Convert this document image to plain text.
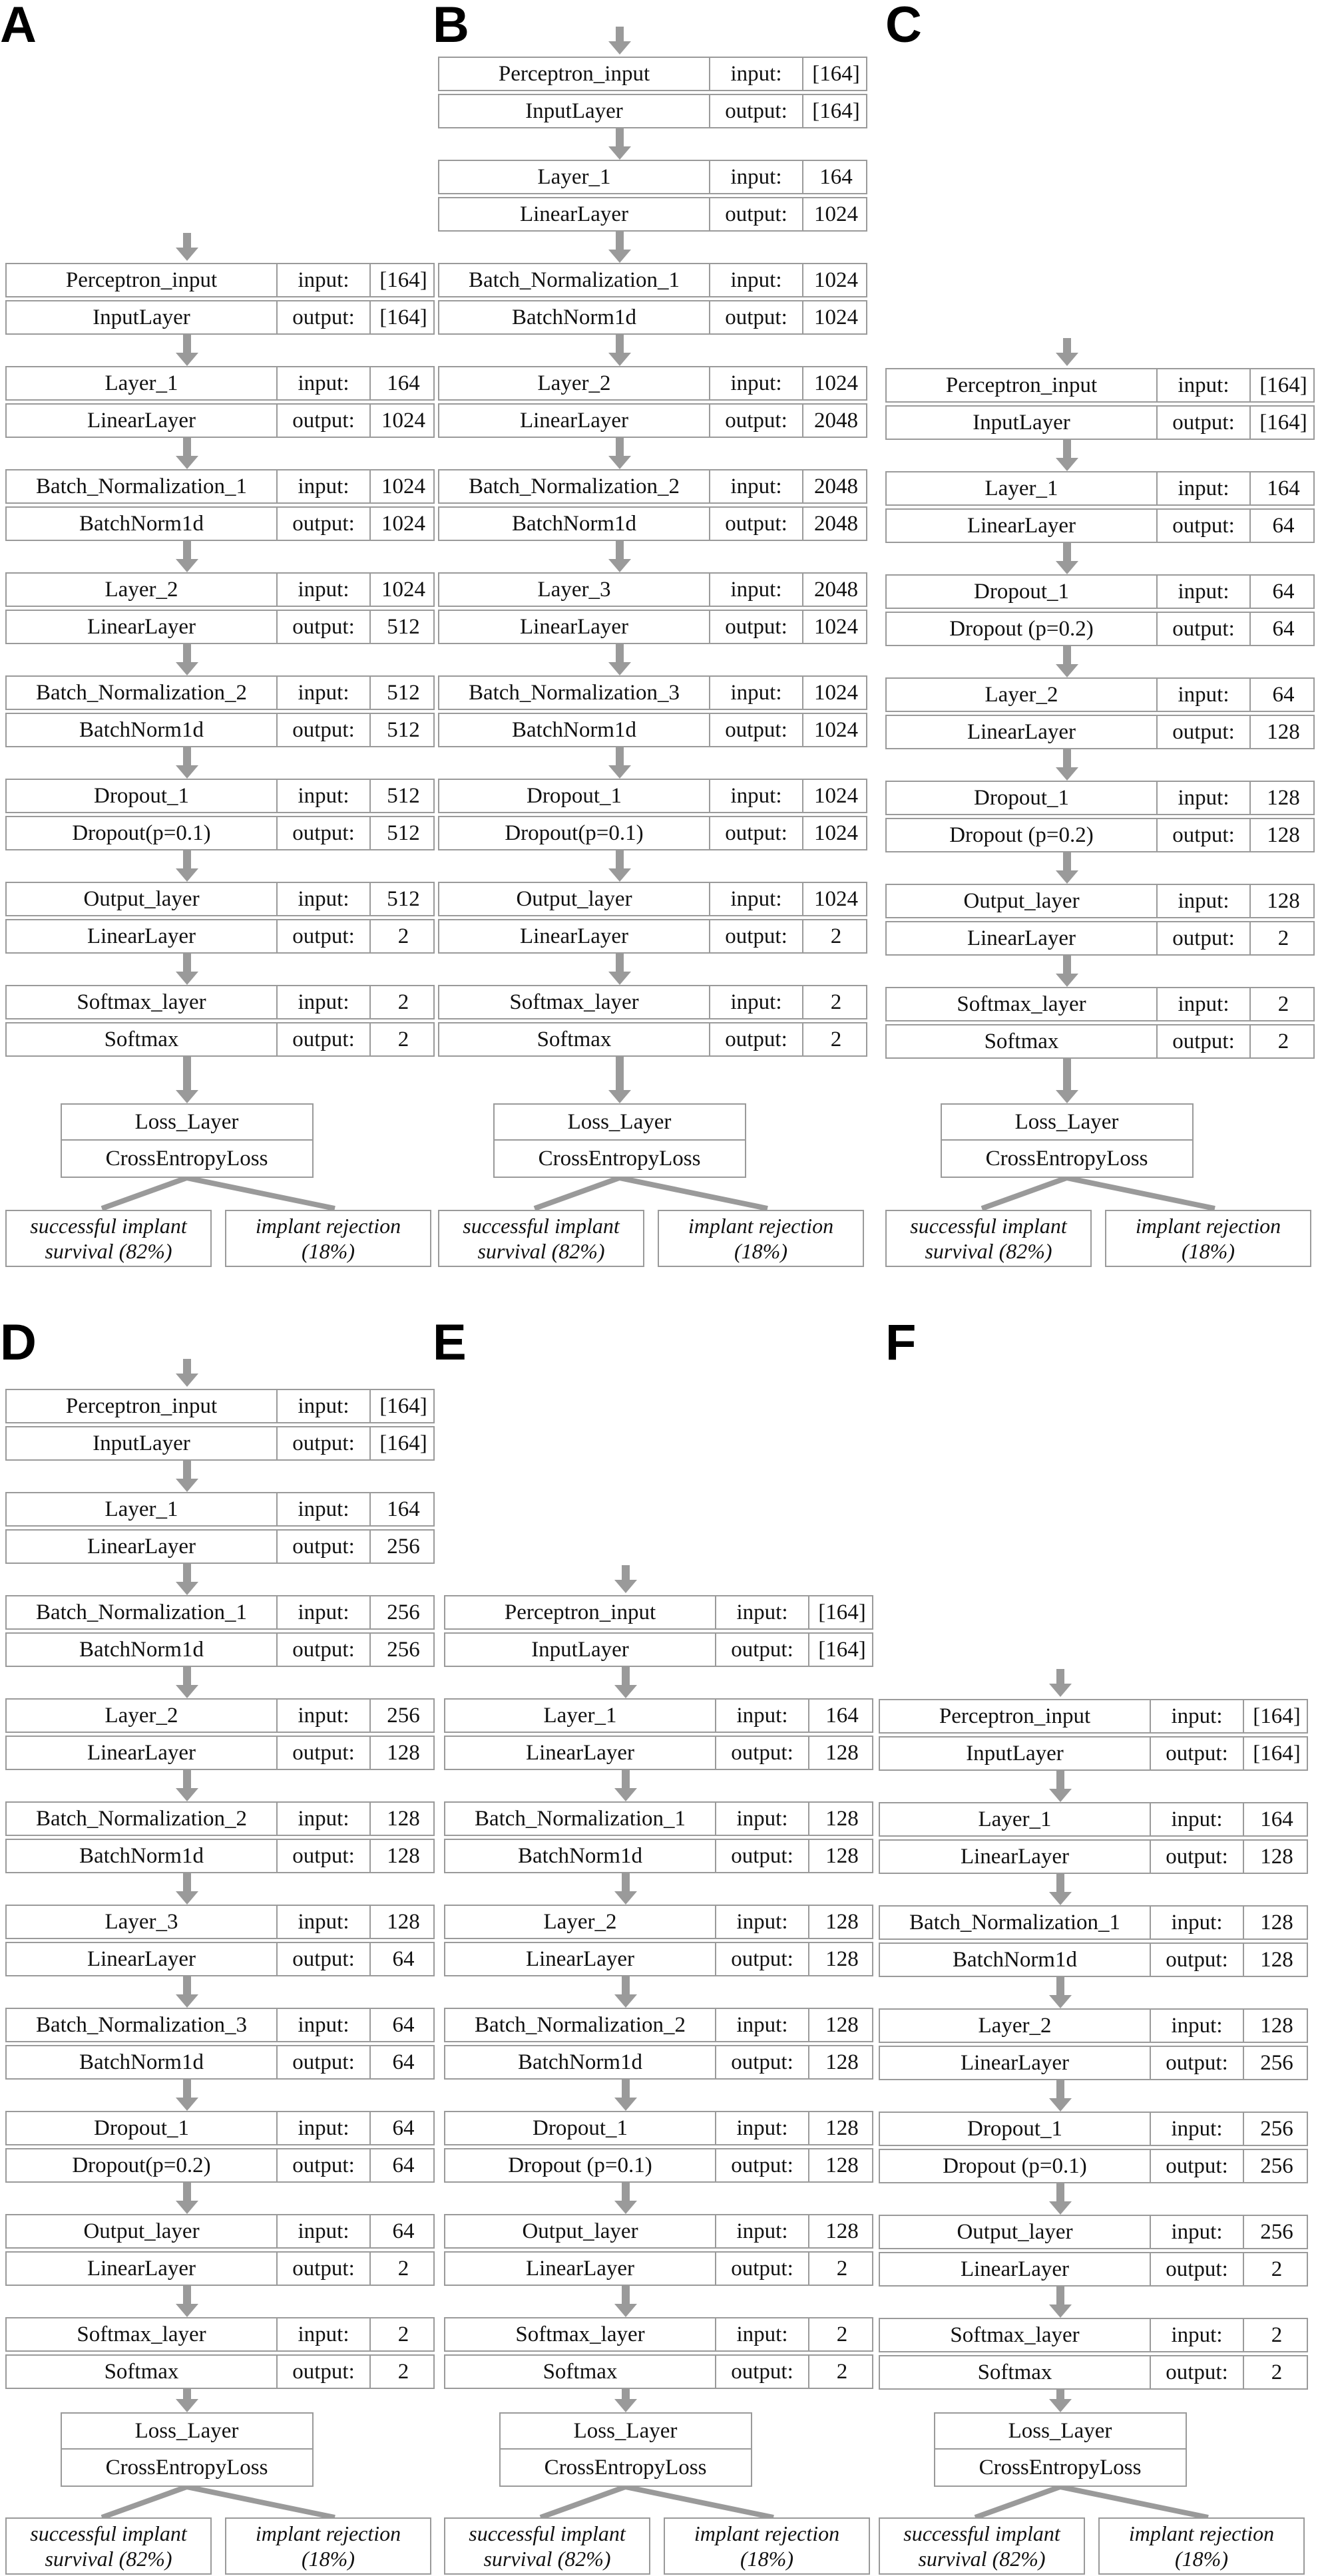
A
Perceptron_input	input:	[164]
InputLayer	output:	[164]
Layer_1	input:	164
LinearLayer	output:	1024
Batch_Normalization_1	input:	1024
BatchNorm1d	output:	1024
Layer_2	input:	1024
LinearLayer	output:	512
Batch_Normalization_2	input:	512
BatchNorm1d	output:	512
Dropout_1	input:	512
Dropout(p=0.1)	output:	512
Output_layer	input:	512
LinearLayer	output:	2
Softmax_layer	input:	2
Softmax	output:	2
Loss_Layer
CrossEntropyLoss
successful implant
survival (82%)
implant rejection
(18%)
B
Perceptron_input	input:	[164]
InputLayer	output:	[164]
Layer_1	input:	164
LinearLayer	output:	1024
Batch_Normalization_1	input:	1024
BatchNorm1d	output:	1024
Layer_2	input:	1024
LinearLayer	output:	2048
Batch_Normalization_2	input:	2048
BatchNorm1d	output:	2048
Layer_3	input:	2048
LinearLayer	output:	1024
Batch_Normalization_3	input:	1024
BatchNorm1d	output:	1024
Dropout_1	input:	1024
Dropout(p=0.1)	output:	1024
Output_layer	input:	1024
LinearLayer	output:	2
Softmax_layer	input:	2
Softmax	output:	2
Loss_Layer
CrossEntropyLoss
successful implant
survival (82%)
implant rejection
(18%)
C
Perceptron_input	input:	[164]
InputLayer	output:	[164]
Layer_1	input:	164
LinearLayer	output:	64
Dropout_1	input:	64
Dropout (p=0.2)	output:	64
Layer_2	input:	64
LinearLayer	output:	128
Dropout_1	input:	128
Dropout (p=0.2)	output:	128
Output_layer	input:	128
LinearLayer	output:	2
Softmax_layer	input:	2
Softmax	output:	2
Loss_Layer
CrossEntropyLoss
successful implant
survival (82%)
implant rejection
(18%)
D
Perceptron_input	input:	[164]
InputLayer	output:	[164]
Layer_1	input:	164
LinearLayer	output:	256
Batch_Normalization_1	input:	256
BatchNorm1d	output:	256
Layer_2	input:	256
LinearLayer	output:	128
Batch_Normalization_2	input:	128
BatchNorm1d	output:	128
Layer_3	input:	128
LinearLayer	output:	64
Batch_Normalization_3	input:	64
BatchNorm1d	output:	64
Dropout_1	input:	64
Dropout(p=0.2)	output:	64
Output_layer	input:	64
LinearLayer	output:	2
Softmax_layer	input:	2
Softmax	output:	2
Loss_Layer
CrossEntropyLoss
successful implant
survival (82%)
implant rejection
(18%)
E
Perceptron_input	input:	[164]
InputLayer	output:	[164]
Layer_1	input:	164
LinearLayer	output:	128
Batch_Normalization_1	input:	128
BatchNorm1d	output:	128
Layer_2	input:	128
LinearLayer	output:	128
Batch_Normalization_2	input:	128
BatchNorm1d	output:	128
Dropout_1	input:	128
Dropout (p=0.1)	output:	128
Output_layer	input:	128
LinearLayer	output:	2
Softmax_layer	input:	2
Softmax	output:	2
Loss_Layer
CrossEntropyLoss
successful implant
survival (82%)
implant rejection
(18%)
F
Perceptron_input	input:	[164]
InputLayer	output:	[164]
Layer_1	input:	164
LinearLayer	output:	128
Batch_Normalization_1	input:	128
BatchNorm1d	output:	128
Layer_2	input:	128
LinearLayer	output:	256
Dropout_1	input:	256
Dropout (p=0.1)	output:	256
Output_layer	input:	256
LinearLayer	output:	2
Softmax_layer	input:	2
Softmax	output:	2
Loss_Layer
CrossEntropyLoss
successful implant
survival (82%)
implant rejection
(18%)
